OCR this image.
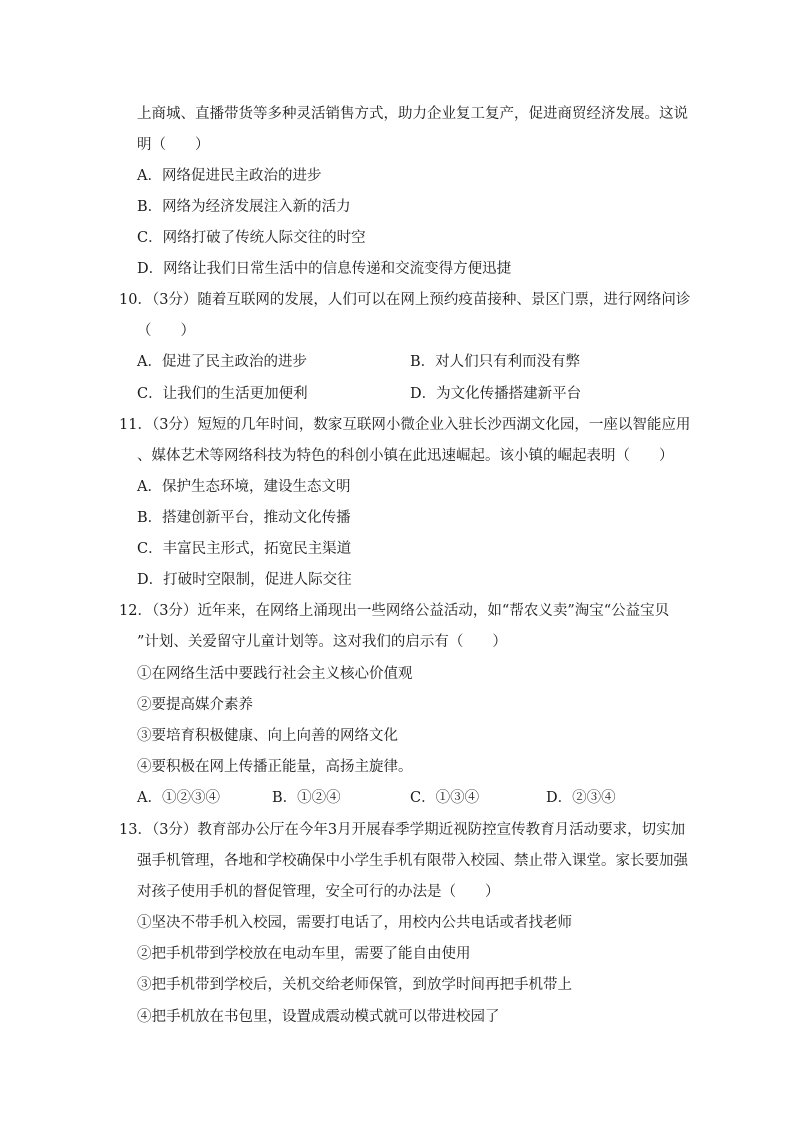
上商城、直播带货等多种灵活销售方式，助力企业复工复产，促进商贸经济发展。这说
明（　　）
A．网络促进民主政治的进步
B．网络为经济发展注入新的活力
C．网络打破了传统人际交往的时空
D．网络让我们日常生活中的信息传递和交流变得方便迅捷
10．（3分）随着互联网的发展，人们可以在网上预约疫苗接种、景区门票，进行网络问诊
（　　）
A．促进了民主政治的进步	B．对人们只有利而没有弊
C．让我们的生活更加便利	D．为文化传播搭建新平台
11．（3分）短短的几年时间，数家互联网小微企业入驻长沙西湖文化园，一座以智能应用
、媒体艺术等网络科技为特色的科创小镇在此迅速崛起。该小镇的崛起表明（　　）
A．保护生态环境，建设生态文明
B．搭建创新平台，推动文化传播
C．丰富民主形式，拓宽民主渠道
D．打破时空限制，促进人际交往
12．（3分）近年来，在网络上涌现出一些网络公益活动，如“帮农义卖”淘宝“公益宝贝
”计划、关爱留守儿童计划等。这对我们的启示有（　　）
①在网络生活中要践行社会主义核心价值观
②要提高媒介素养
③要培育积极健康、向上向善的网络文化
④要积极在网上传播正能量，高扬主旋律。
A．①②③④	B．①②④	C．①③④	D．②③④
13．（3分）教育部办公厅在今年3月开展春季学期近视防控宣传教育月活动要求，切实加
强手机管理，各地和学校确保中小学生手机有限带入校园、禁止带入课堂。家长要加强
对孩子使用手机的督促管理，安全可行的办法是（　　）
①坚决不带手机入校园，需要打电话了，用校内公共电话或者找老师
②把手机带到学校放在电动车里，需要了能自由使用
③把手机带到学校后，关机交给老师保管，到放学时间再把手机带上
④把手机放在书包里，设置成震动模式就可以带进校园了
